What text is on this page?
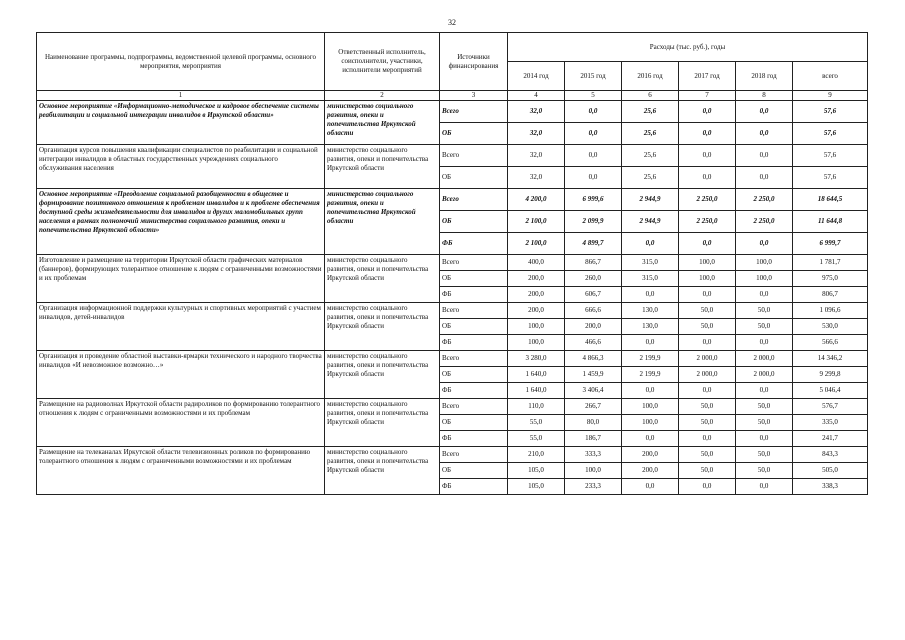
32
Наименование программы, подпрограммы, ведомственной целевой программы, основного мероприятия, мероприятия	Ответственный исполнитель, соисполнители, участники, исполнители мероприятий	Источники финансирования	Расходы (тыс. руб.), годы					
			2014 год	2015 год	2016 год	2017 год	2018 год	всего
1	2	3	4	5	6	7	8	9
Основное мероприятие «Информационно-методическое и кадровое обеспечение системы реабилитации и социальной интеграции инвалидов в Иркутской области»	министерство социального развития, опеки и попечительства Иркутской области	Всего	32,0	0,0	25,6	0,0	0,0	57,6
		ОБ	32,0	0,0	25,6	0,0	0,0	57,6
Организация курсов повышения квалификации специалистов по реабилитации и социальной интеграции инвалидов в областных государственных учреждениях социального обслуживания населения	министерство социального развития, опеки и попечительства Иркутской области	Всего	32,0	0,0	25,6	0,0	0,0	57,6
		ОБ	32,0	0,0	25,6	0,0	0,0	57,6
Основное мероприятие «Преодоление социальной разобщенности в обществе и формирование позитивного отношения к проблемам инвалидов и к проблеме обеспечения доступной среды жизнедеятельности для инвалидов и других маломобильных групп населения в рамках полномочий министерства социального развития, опеки и попечительства Иркутской области»	министерство социального развития, опеки и попечительства Иркутской области	Всего	4 200,0	6 999,6	2 944,9	2 250,0	2 250,0	18 644,5
		ОБ	2 100,0	2 099,9	2 944,9	2 250,0	2 250,0	11 644,8
		ФБ	2 100,0	4 899,7	0,0	0,0	0,0	6 999,7
Изготовление и размещение на территории Иркутской области графических материалов (баннеров), формирующих толерантное отношение к людям с ограниченными возможностями и их проблемам	министерство социального развития, опеки и попечительства Иркутской области	Всего	400,0	866,7	315,0	100,0	100,0	1 781,7
		ОБ	200,0	260,0	315,0	100,0	100,0	975,0
		ФБ	200,0	606,7	0,0	0,0	0,0	806,7
Организация информационной поддержки культурных и спортивных мероприятий с участием инвалидов, детей-инвалидов	министерство социального развития, опеки и попечительства Иркутской области	Всего	200,0	666,6	130,0	50,0	50,0	1 096,6
		ОБ	100,0	200,0	130,0	50,0	50,0	530,0
		ФБ	100,0	466,6	0,0	0,0	0,0	566,6
Организация и проведение областной выставки-ярмарки технического и народного творчества инвалидов «И невозможное возможно…»	министерство социального развития, опеки и попечительства Иркутской области	Всего	3 280,0	4 866,3	2 199,9	2 000,0	2 000,0	14 346,2
		ОБ	1 640,0	1 459,9	2 199,9	2 000,0	2 000,0	9 299,8
		ФБ	1 640,0	3 406,4	0,0	0,0	0,0	5 046,4
Размещение на радиоволнах Иркутской области радироликов по формированию толерантного отношения к людям с ограниченными возможностями и их проблемам	министерство социального развития, опеки и попечительства Иркутской области	Всего	110,0	266,7	100,0	50,0	50,0	576,7
		ОБ	55,0	80,0	100,0	50,0	50,0	335,0
		ФБ	55,0	186,7	0,0	0,0	0,0	241,7
Размещение на телеканалах Иркутской области телевизионных роликов по формированию толерантного отношения к людям с ограниченными возможностями и их проблемам	министерство социального развития, опеки и попечительства Иркутской области	Всего	210,0	333,3	200,0	50,0	50,0	843,3
		ОБ	105,0	100,0	200,0	50,0	50,0	505,0
		ФБ	105,0	233,3	0,0	0,0	0,0	338,3
